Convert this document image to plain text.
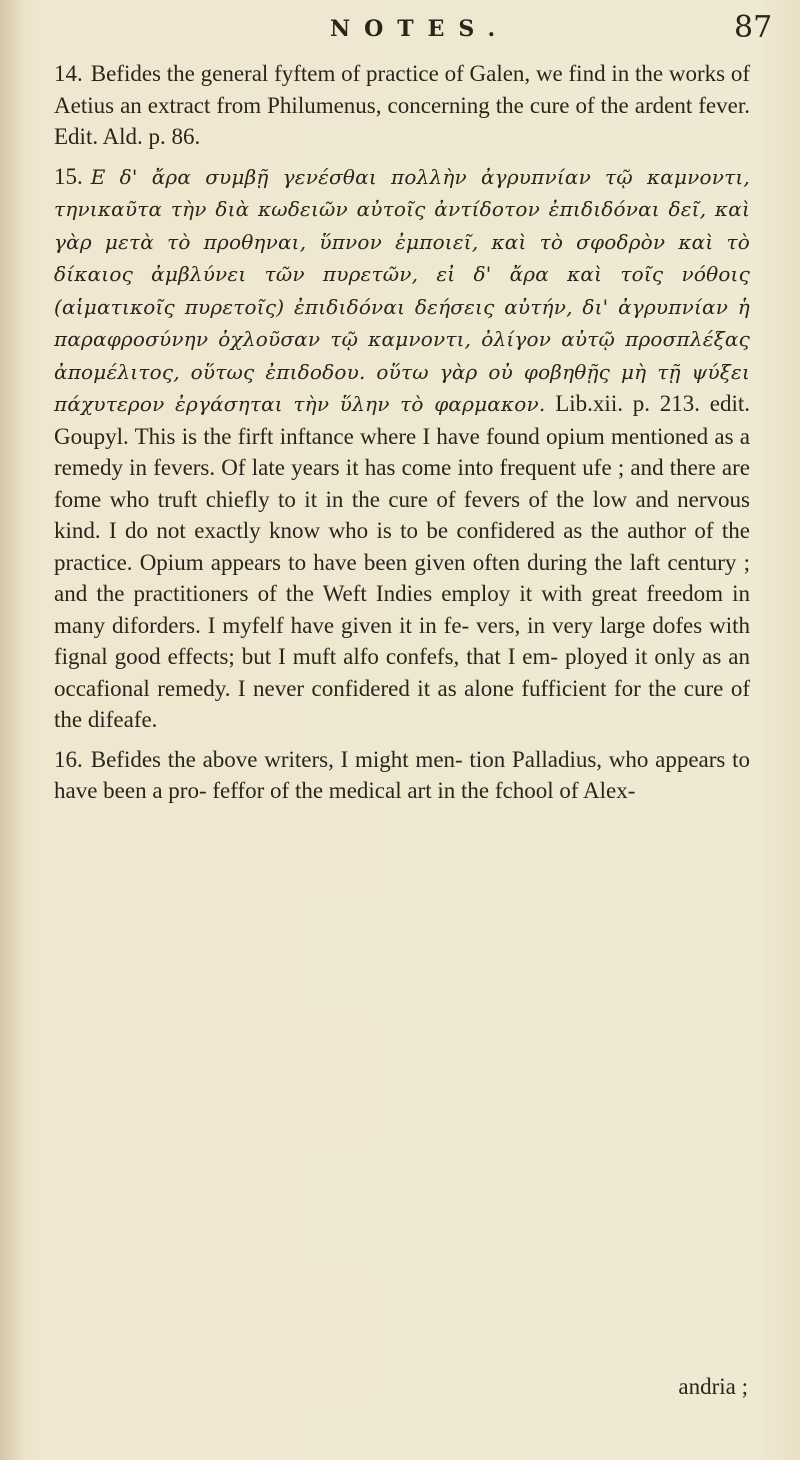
NOTES.	87

14. Befides the general fyftem of practice of Galen, we find in the works of Aetius an extract from Philumenus, concerning the cure of the ardent fever. Edit. Ald. p. 86.

15. Ε δ' ἄρα συμβῇ γενέσθαι πολλὴν ἀγρυπνίαν τῷ καμνοντι, τηνικαῦτα τὴν διὰ κωδειῶν αὐτοῖς ἀντίδοτον ἐπιδιδόναι δεῖ, καὶ γὰρ μετὰ τὸ προθηναι, ὕπνον ἐμποιεῖ, καὶ τὸ σφοδρὸν καὶ τὸ δίκαιος ἀμβλύνει τῶν πυρετῶν, εἰ δ' ἄρα καὶ τοῖς νόθοις (αἱματικοῖς πυρετοῖς) ἐπιδιδόναι δεήσεις αὐτήν, δι' ἀγρυπνίαν ἡ παραφροσύνην ὀχλοῦσαν τῷ καμνοντι, ὀλίγον αὐτῷ προσπλέξας ἀπομέλιτος, οὕτως ἐπιδοδου. οὕτω γὰρ οὐ φοβηθῇς μὴ τῇ ψύξει πάχυτερον ἐργάσηται τὴν ὕλην τὸ φαρμακον. Lib.xii. p. 213. edit. Goupyl. This is the firft inftance where I have found opium mentioned as a remedy in fevers. Of late years it has come into frequent ufe ; and there are fome who truft chiefly to it in the cure of fevers of the low and nervous kind. I do not exactly know who is to be confidered as the author of the practice. Opium appears to have been given often during the laft century ; and the practitioners of the Weft Indies employ it with great freedom in many diforders. I myfelf have given it in fe- vers, in very large dofes with fignal good effects; but I muft alfo confefs, that I em- ployed it only as an occafional remedy. I never confidered it as alone fufficient for the cure of the difeafe.

16. Befides the above writers, I might men- tion Palladius, who appears to have been a pro- feffor of the medical art in the fchool of Alex-

andria ;
